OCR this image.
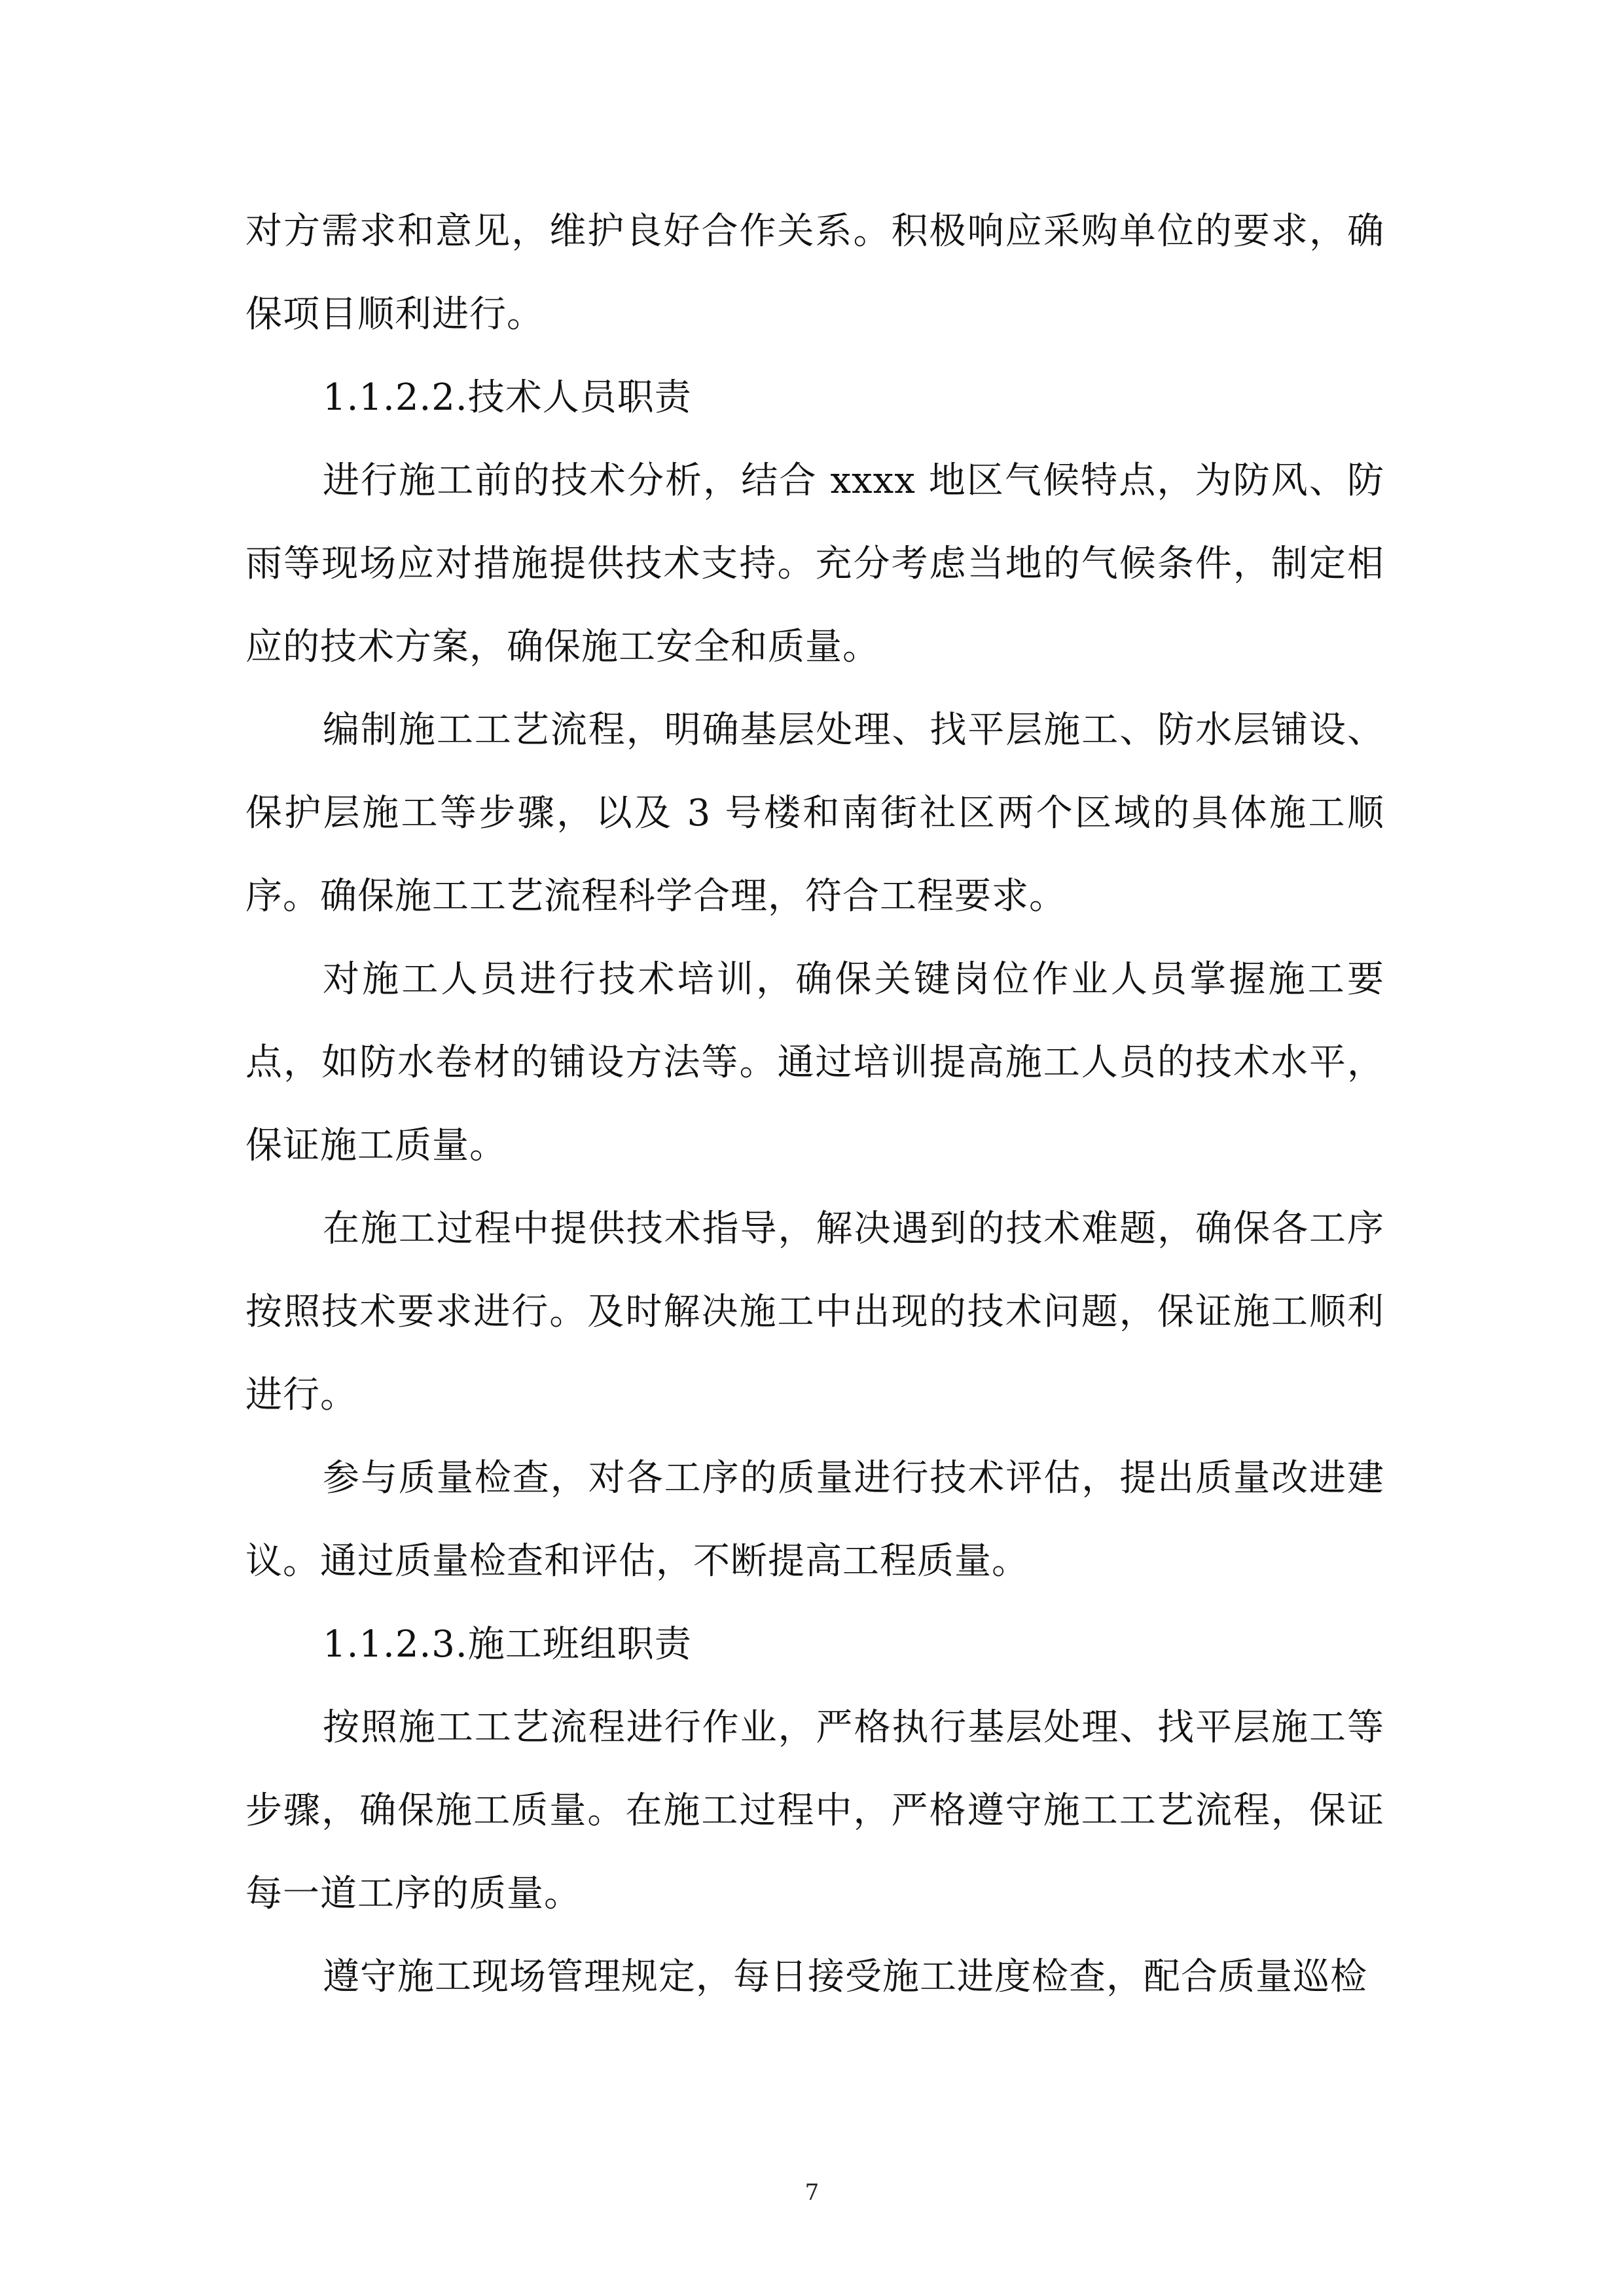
对方需求和意见，维护良好合作关系。积极响应采购单位的要求，确保项目顺利进行。

1.1.2.2.技术人员职责

进行施工前的技术分析，结合 xxxx 地区气候特点，为防风、防雨等现场应对措施提供技术支持。充分考虑当地的气候条件，制定相应的技术方案，确保施工安全和质量。

编制施工工艺流程，明确基层处理、找平层施工、防水层铺设、保护层施工等步骤，以及 3 号楼和南街社区两个区域的具体施工顺序。确保施工工艺流程科学合理，符合工程要求。

对施工人员进行技术培训，确保关键岗位作业人员掌握施工要点，如防水卷材的铺设方法等。通过培训提高施工人员的技术水平，保证施工质量。

在施工过程中提供技术指导，解决遇到的技术难题，确保各工序按照技术要求进行。及时解决施工中出现的技术问题，保证施工顺利进行。

参与质量检查，对各工序的质量进行技术评估，提出质量改进建议。通过质量检查和评估，不断提高工程质量。

1.1.2.3.施工班组职责

按照施工工艺流程进行作业，严格执行基层处理、找平层施工等步骤，确保施工质量。在施工过程中，严格遵守施工工艺流程，保证每一道工序的质量。

遵守施工现场管理规定，每日接受施工进度检查，配合质量巡检

7
